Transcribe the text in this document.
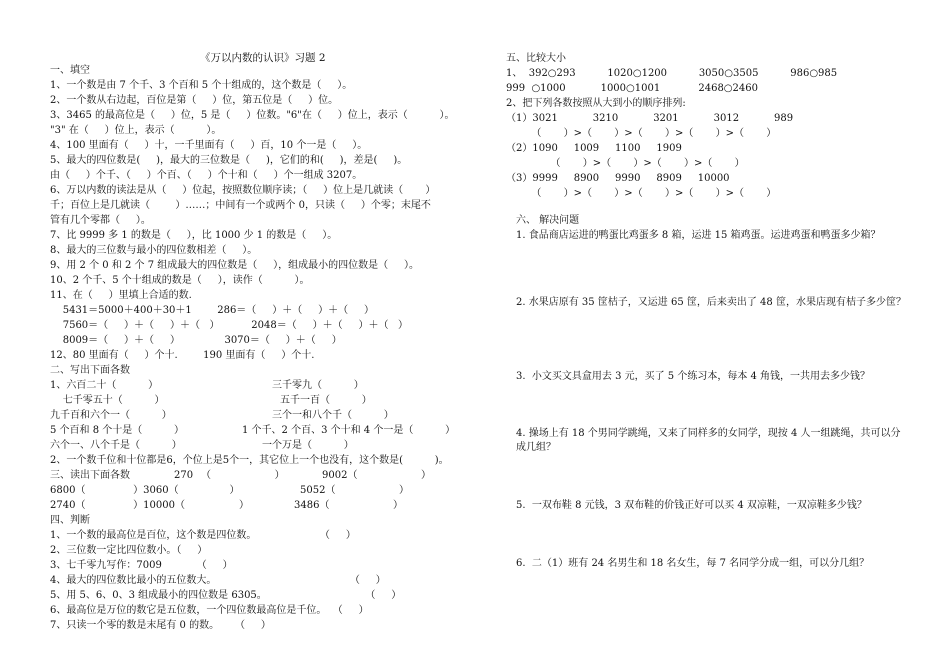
《万以内数的认识》习题 2
一、填空
1、一个数是由 7 个千、3 个百和 5 个十组成的，这个数是（     ）。
2、一个数从右边起，百位是第（     ）位，第五位是（     ）位。
3、3465 的最高位是（     ）位，5 是（     ）位数。"6"在（     ）位上，表示（          ）。
"3" 在（     ）位上，表示（          ）。
4、100 里面有（     ）十，一千里面有（     ）百，10 个一是（     ）。
5、最大的四位数是(     )，最大的三位数是（     )，它们的和(     )，差是(     )。
由（     ）个千、（     ）个百、（     ）个十和（     ）个一组成 3207。
6、万以内数的读法是从（     ）位起，按照数位顺序读；（     ）位上是几就读（       ）
千；百位上是几就读（        ）……；中间有一个或两个 0，只读（     ）个零；末尾不
管有几个零都（     ）。
7、比 9999 多 1 的数是（     ），比 1000 少 1 的数是（     ）。
8、最大的三位数与最小的四位数相差（     ）。
9、用 2 个 0 和 2 个 7 组成最大的四位数是（     ），组成最小的四位数是（     ）。
10、2 个千、5 个十组成的数是（     ），读作（          ）。
11、在（     ）里填上合适的数.
5431＝5000＋400＋30＋1        286＝（     ）＋（     ）＋（     ）
7560＝（     ）＋（     ）＋（   ）          2048＝（     ）＋（     ）＋（   ）
8009＝（     ）＋（     ）              3070＝（     ）＋（     ）
12、80 里面有（     ）个十.        190 里面有（     ）个十.
二、写出下面各数
1、六百二十（          ）	三千零九（          ）
七千零五十（          ）	五千一百（          ）
九千百和六个一（          ）	三个一和八个千（          ）
5 个百和 8 个十是（          ）	1 个千、2 个百、3 个十和 4 个一是（          ）
六个一、八个千是（          ）	一个万是（          ）
2、一个数千位和十位都是6，个位上是5个一，其它位上一个也没有，这个数是(          )。
三、读出下面各数	270 （                    ）	9002（                    ）
6800（               ）3060（                ）	5052（                    ）
2740（               ）10000（                 ）	3486（                    ）
四、判断
1、一个数的最高位是百位，这个数是四位数。                    （     ）
2、三位数一定比四位数小。（     ）
3、七千零九写作：7009           （     ）
4、最大的四位数比最小的五位数大。                                          （     ）
5、用 5、6、0、3 组成最小的四位数是 6305。                               （     ）
6、最高位是万位的数它是五位数，一个四位数最高位是千位。  （     ）
7、只读一个零的数是末尾有 0 的数。     （     ）
五、比较大小
1、  392○293          1020○1200          3050○3505          986○985
999  ○1000           1000○1001            2468○2460
2、把下列各数按照从大到小的顺序排列:
（1）3021           3210           3201           3012           989
（       ）>（       ）>（       ）>（       ）>（       ）
（2）1090     1009     1100     1909
（       ）>（       ）>（       ）>（       ）
（3）9999     8900     9990     8909     10000
（       ）>（       ）>（       ）>（       ）>（       ）
六、 解决问题
1. 食品商店运进的鸭蛋比鸡蛋多 8 箱，运进 15 箱鸡蛋。运进鸡蛋和鸭蛋多少箱？
2. 水果店原有 35 筐桔子，又运进 65 筐，后来卖出了 48 筐，水果店现有桔子多少筐？
3.  小文买文具盒用去 3 元，买了 5 个练习本，每本 4 角钱，一共用去多少钱？
4. 操场上有 18 个男同学跳绳，又来了同样多的女同学，现按 4 人一组跳绳，共可以分成几组？
5.  一双布鞋 8 元钱，3 双布鞋的价钱正好可以买 4 双凉鞋，一双凉鞋多少钱？
6.  二（1）班有 24 名男生和 18 名女生，每 7 名同学分成一组，可以分几组？
